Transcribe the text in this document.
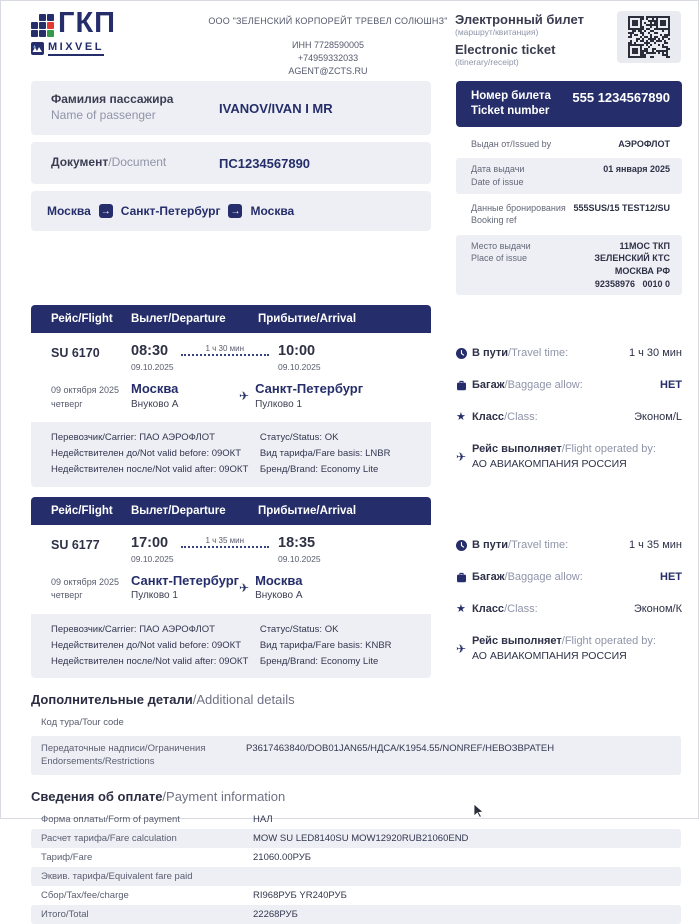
ГКП
MIXVEL
ООО "ЗЕЛЕНСКИЙ КОРПОРЕЙТ ТРЕВЕЛ СОЛЮШНЗ"
ИНН 7728590005
+74959332033
AGENT@ZCTS.RU
Электронный билет
(маршрут/квитанция)
Electronic ticket
(itinerary/receipt)
Фамилия пассажира
Name of passenger	IVANOV/IVAN I MR
Документ/Document	ПС1234567890
Москва → Санкт-Петербург → Москва
Номер билета
Ticket number
555 1234567890
Выдан от/Issued by	АЭРОФЛОТ
Дата выдачи
Date of issue
01 января 2025
Данные бронирования
Booking ref
555SUS/15 TEST12/SU
Место выдачи
Place of issue
11МОС ТКП
ЗЕЛЕНСКИЙ КТС
МОСКВА РФ
92358976   0010 0
Рейс/Flight	Вылет/Departure	Прибытие/Arrival
SU 6170	08:30
09.10.2025
1 ч 30 мин	10:00
09.10.2025
09 октября 2025
четверг
Москва
Внуково А
✈ Санкт-Петербург
Пулково 1
Перевозчик/Carrier: ПАО АЭРОФЛОТ
Недействителен до/Not valid before: 09ОКТ
Недействителен после/Not valid after: 09ОКТ
Статус/Status: OK
Вид тарифа/Fare basis: LNBR
Бренд/Brand: Economy Lite
В пути/Travel time:	1 ч 30 мин
Багаж/Baggage allow:	НЕТ
★ Класс/Class:	Эконом/L
✈
Рейс выполняет/Flight operated by:
АО АВИАКОМПАНИЯ РОССИЯ
Рейс/Flight	Вылет/Departure	Прибытие/Arrival
SU 6177	17:00
09.10.2025
1 ч 35 мин	18:35
09.10.2025
09 октября 2025
четверг
Санкт-Петербург
Пулково 1
✈ Москва
Внуково А
Перевозчик/Carrier: ПАО АЭРОФЛОТ
Недействителен до/Not valid before: 09ОКТ
Недействителен после/Not valid after: 09ОКТ
Статус/Status: OK
Вид тарифа/Fare basis: KNBR
Бренд/Brand: Economy Lite
В пути/Travel time:	1 ч 35 мин
Багаж/Baggage allow:	НЕТ
★ Класс/Class:	Эконом/К
✈
Рейс выполняет/Flight operated by:
АО АВИАКОМПАНИЯ РОССИЯ
Дополнительные детали/Additional details
Код тура/Tour code
Передаточные надписи/Ограничения
Endorsements/Restrictions
P3617463840/DOB01JAN65/НДСА/K1954.55/NONREF/НЕВОЗВРАТЕН
Сведения об оплате/Payment information
Форма оплаты/Form of payment	НАЛ
Расчет тарифа/Fare calculation	MOW SU LED8140SU MOW12920RUB21060END
Тариф/Fare	21060.00РУБ
Эквив. тарифа/Equivalent fare paid
Сбор/Tax/fee/charge	RI968РУБ YR240РУБ
Итого/Total	22268РУБ
